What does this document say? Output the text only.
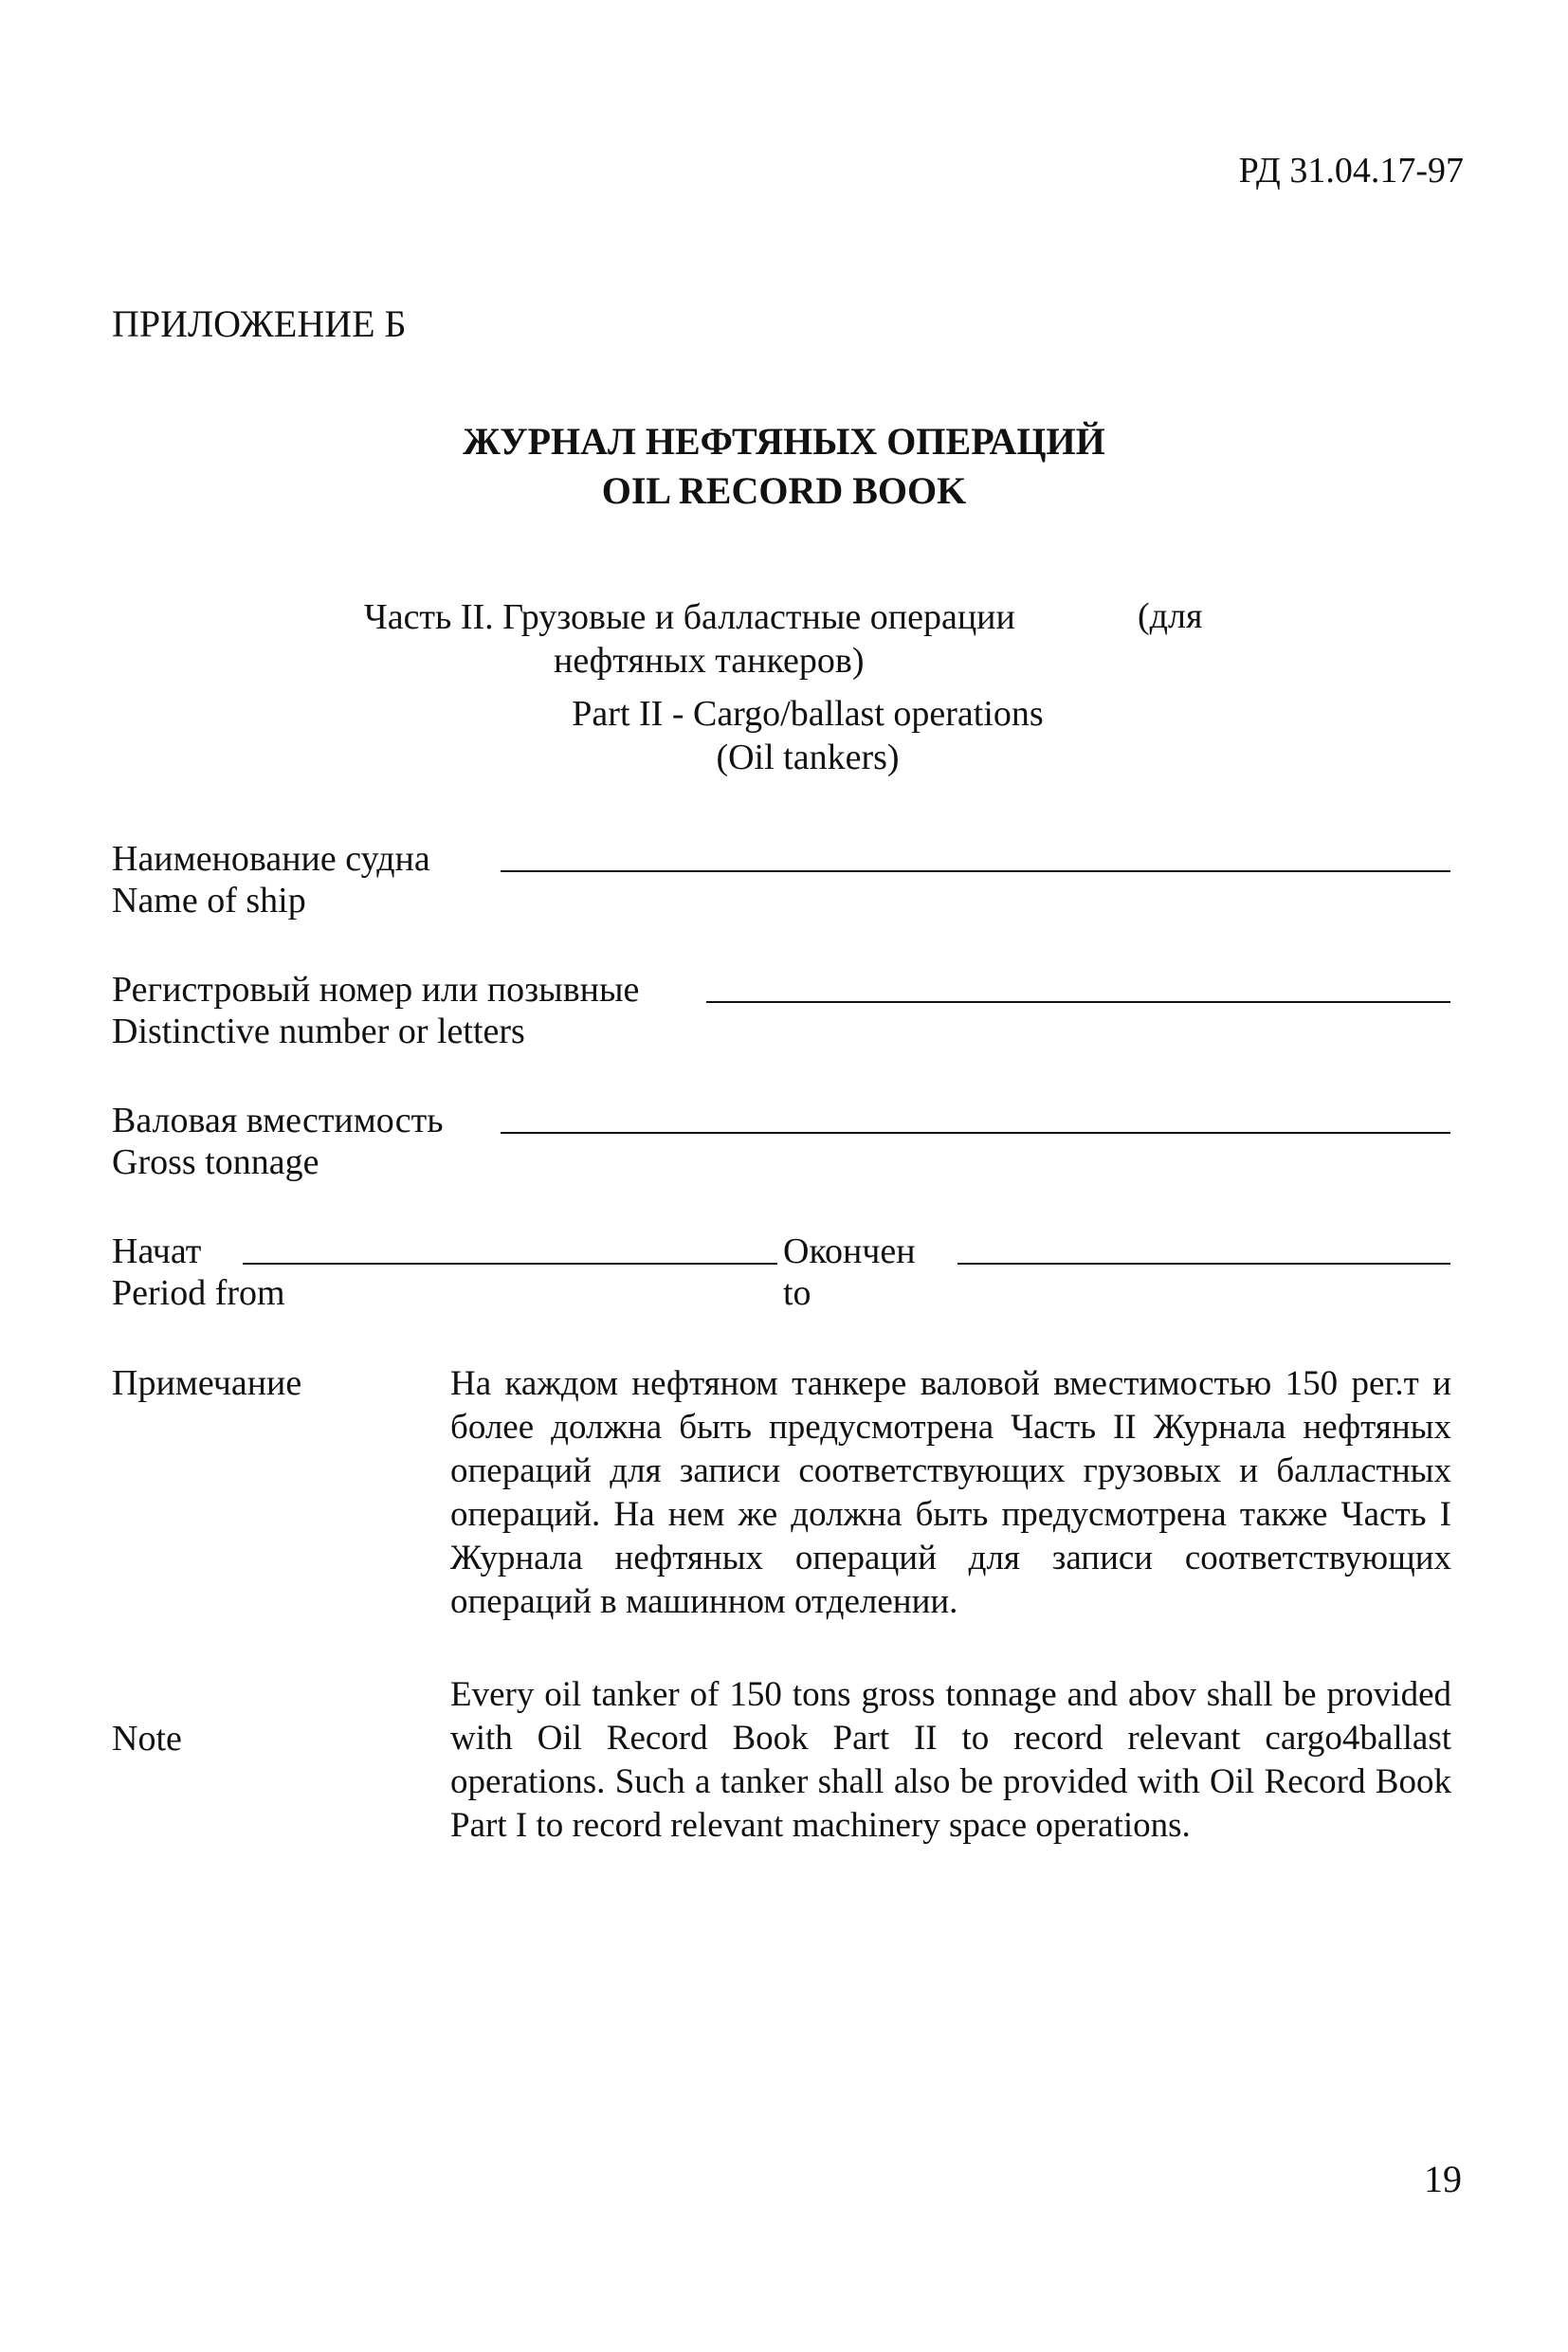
РД 31.04.17-97
ПРИЛОЖЕНИЕ Б
ЖУРНАЛ НЕФТЯНЫХ ОПЕРАЦИЙ
OIL RECORD BOOK
Часть II. Грузовые и балластные операции
нефтяных танкеров)
(для
Part II - Cargo/ballast operations
(Oil tankers)
Наименование судна
Name of ship
Регистровый номер или позывные
Distinctive number or letters
Валовая вместимость
Gross tonnage
Начат
Period from
Окончен
to
Примечание	На каждом нефтяном танкере валовой вместимостью 150 рег.т и более должна быть предусмотрена Часть II Журнала нефтяных операций для записи соответствующих грузовых и балластных операций. На нем же должна быть предусмотрена также Часть I Журнала нефтяных операций для записи соответствующих операций в машинном отделении.
Note
Every oil tanker of 150 tons gross tonnage and abov shall be provided with Oil Record Book Part II to record relevant cargo4ballast operations. Such a tanker shall also be provided with Oil Record Book Part I to record relevant machinery space operations.
19
